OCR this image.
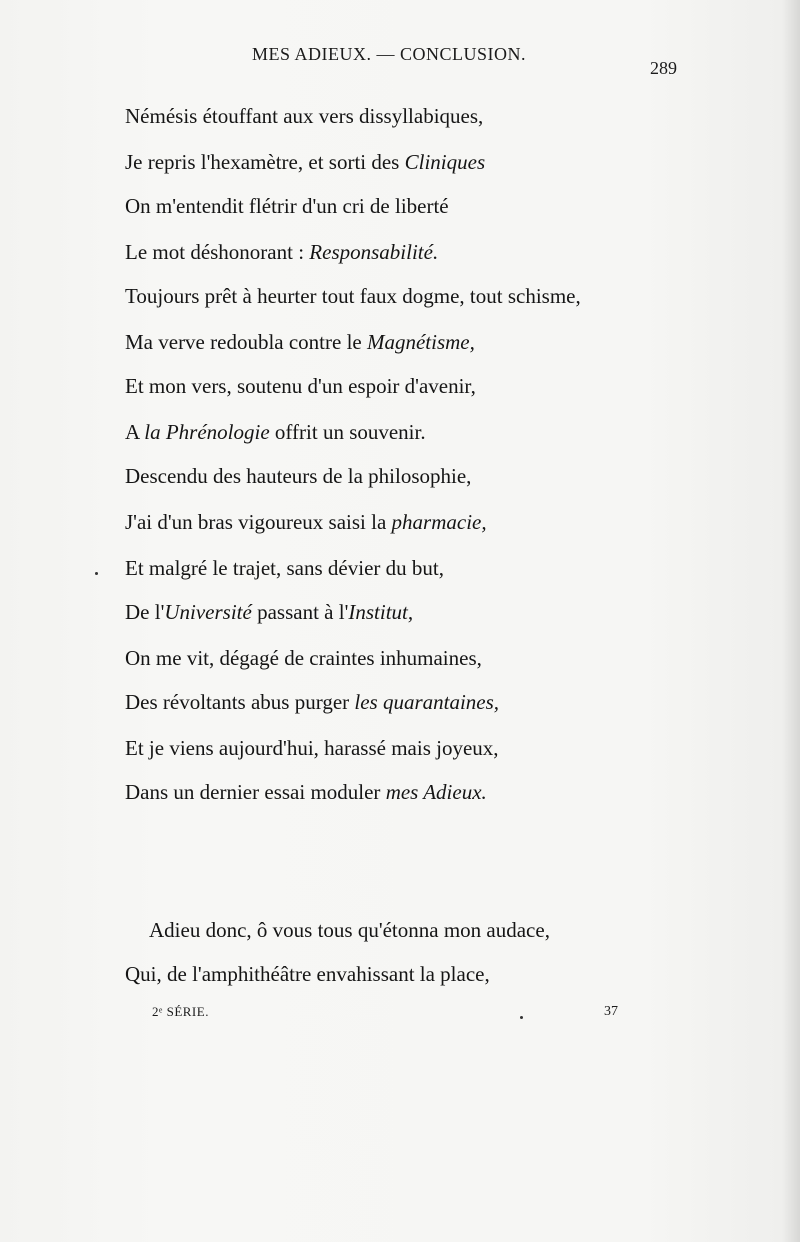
MES ADIEUX. — CONCLUSION.
289
Némésis étouffant aux vers dissyllabiques,
Je repris l'hexamètre, et sorti des Cliniques
On m'entendit flétrir d'un cri de liberté
Le mot déshonorant : Responsabilité.
Toujours prêt à heurter tout faux dogme, tout schisme,
Ma verve redoubla contre le Magnétisme,
Et mon vers, soutenu d'un espoir d'avenir,
A la Phrénologie offrit un souvenir.
Descendu des hauteurs de la philosophie,
J'ai d'un bras vigoureux saisi la pharmacie,
Et malgré le trajet, sans dévier du but,
De l'Université passant à l'Institut,
On me vit, dégagé de craintes inhumaines,
Des révoltants abus purger les quarantaines,
Et je viens aujourd'hui, harassé mais joyeux,
Dans un dernier essai moduler mes Adieux.
Adieu donc, ô vous tous qu'étonna mon audace,
Qui, de l'amphithéâtre envahissant la place,
2ᵉ SÉRIE.	37
